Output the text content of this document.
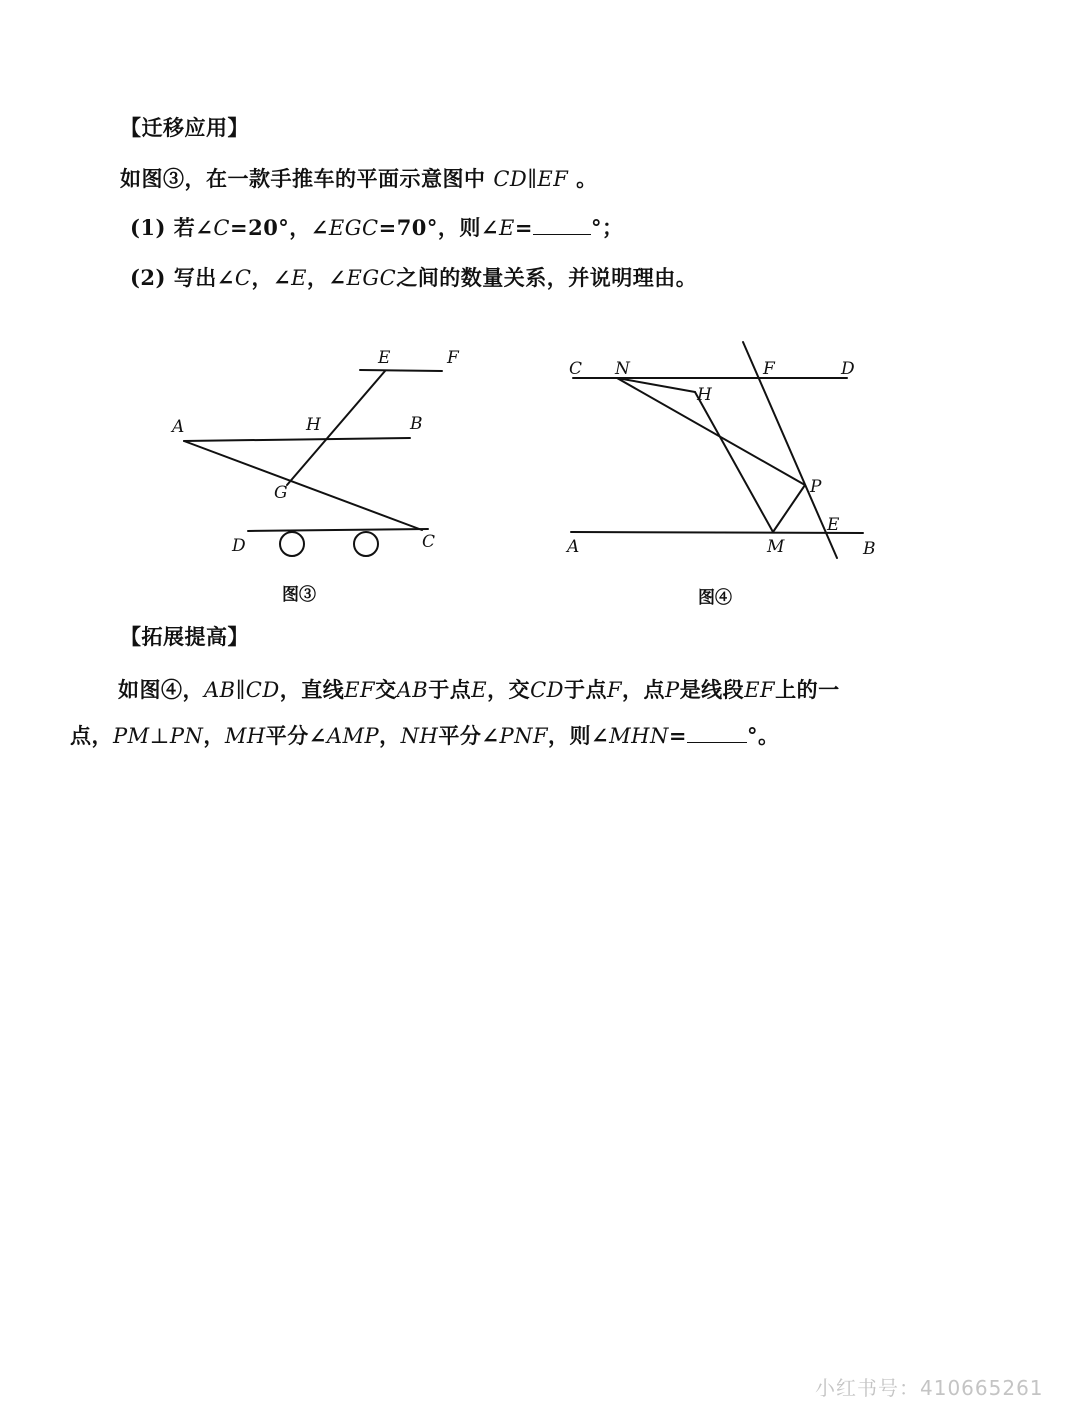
【迁移应用】
如图③，在一款手推车的平面示意图中 CD∥EF 。
(1) 若∠C=20°，∠EGC=70°，则∠E=	°；
(2) 写出∠C，∠E，∠EGC之间的数量关系，并说明理由。
E	F
A	H	B
G
D	C
图③
C N	F	D
H
P
E
A	M	B
图④
【拓展提高】
如图④，AB∥CD，直线EF交AB于点E，交CD于点F，点P是线段EF上的一
点，PM⊥PN，MH平分∠AMP，NH平分∠PNF，则∠MHN=	°。
小红书号：410665261
